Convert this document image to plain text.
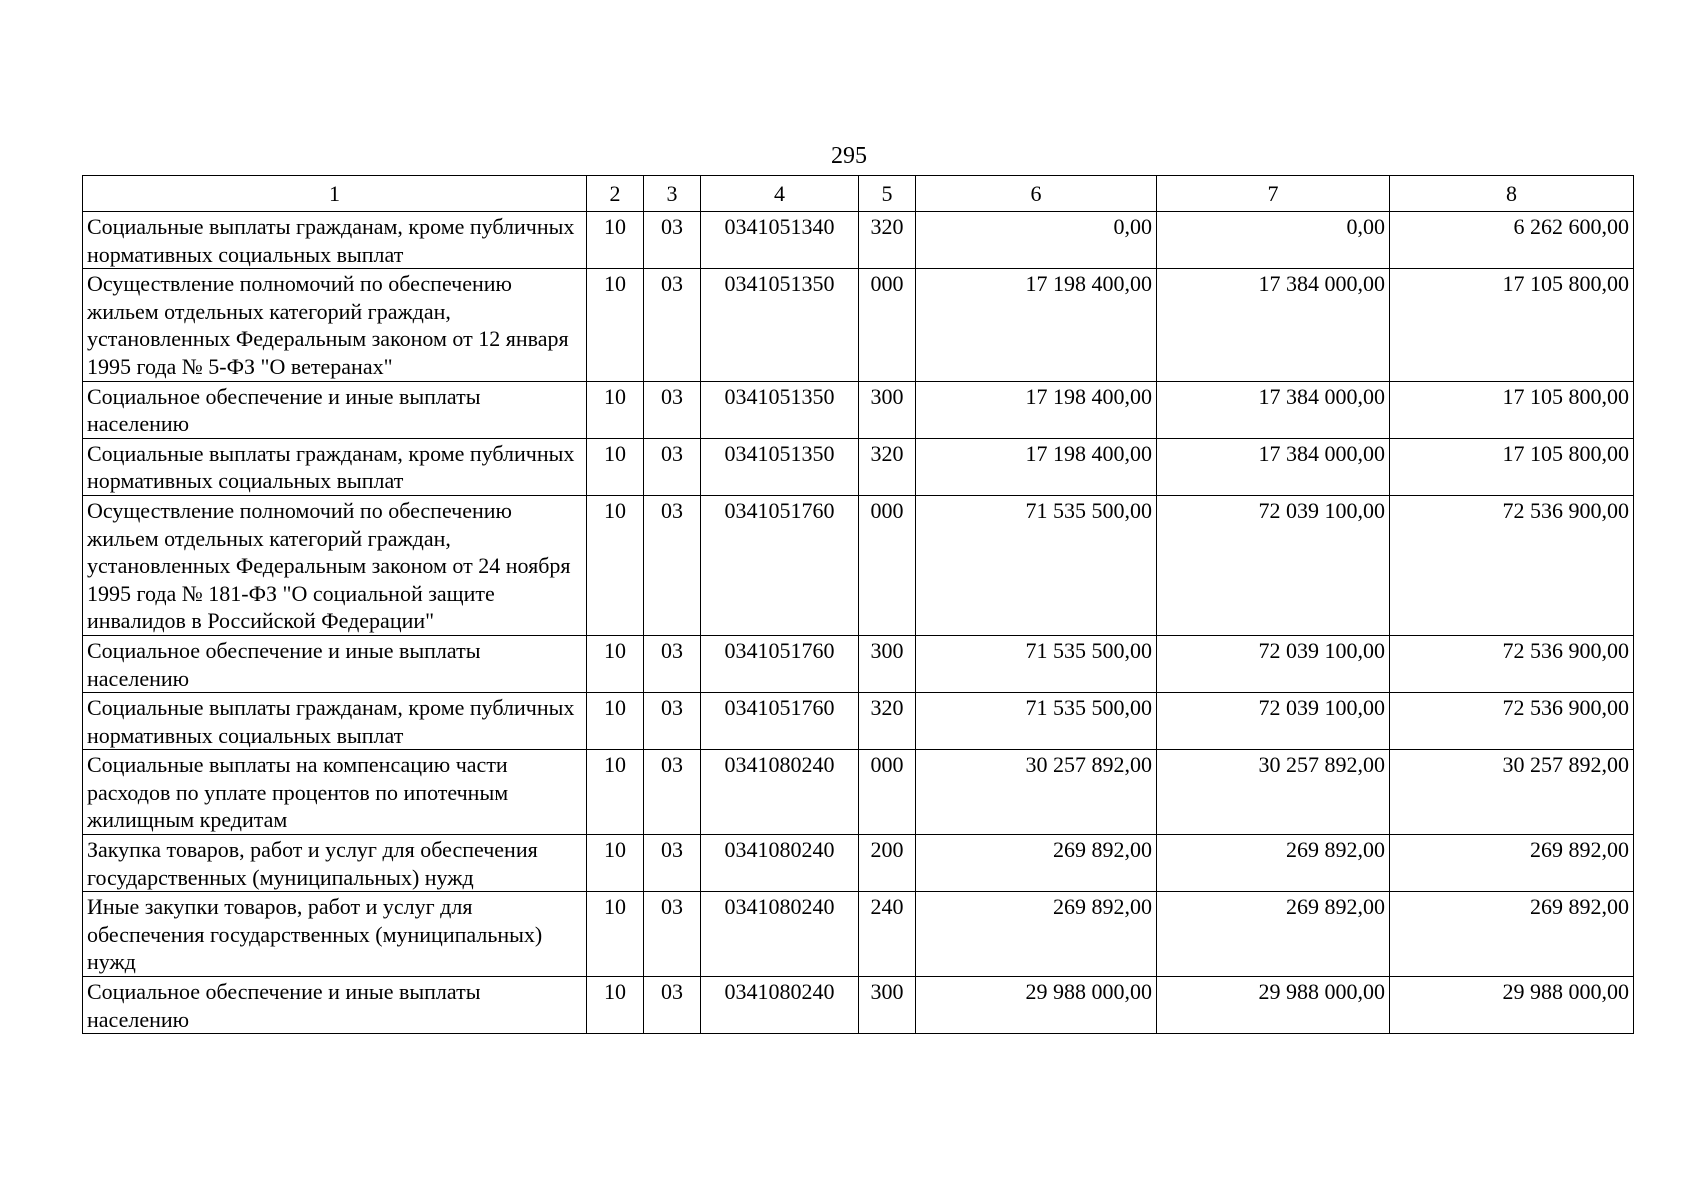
295
1	2	3	4	5	6	7	8
Социальные выплаты гражданам, кроме публичных нормативных социальных выплат	10	03	0341051340	320	0,00	0,00	6 262 600,00
Осуществление полномочий по обеспечению жильем отдельных категорий граждан, установленных Федеральным законом от 12 января 1995 года № 5-ФЗ "О ветеранах"	10	03	0341051350	000	17 198 400,00	17 384 000,00	17 105 800,00
Социальное обеспечение и иные выплаты населению	10	03	0341051350	300	17 198 400,00	17 384 000,00	17 105 800,00
Социальные выплаты гражданам, кроме публичных нормативных социальных выплат	10	03	0341051350	320	17 198 400,00	17 384 000,00	17 105 800,00
Осуществление полномочий по обеспечению жильем отдельных категорий граждан, установленных Федеральным законом от 24 ноября 1995 года № 181-ФЗ "О социальной защите инвалидов в Российской Федерации"	10	03	0341051760	000	71 535 500,00	72 039 100,00	72 536 900,00
Социальное обеспечение и иные выплаты населению	10	03	0341051760	300	71 535 500,00	72 039 100,00	72 536 900,00
Социальные выплаты гражданам, кроме публичных нормативных социальных выплат	10	03	0341051760	320	71 535 500,00	72 039 100,00	72 536 900,00
Социальные выплаты на компенсацию части расходов по уплате процентов по ипотечным жилищным кредитам	10	03	0341080240	000	30 257 892,00	30 257 892,00	30 257 892,00
Закупка товаров, работ и услуг для обеспечения государственных (муниципальных) нужд	10	03	0341080240	200	269 892,00	269 892,00	269 892,00
Иные закупки товаров, работ и услуг для обеспечения государственных (муниципальных) нужд	10	03	0341080240	240	269 892,00	269 892,00	269 892,00
Социальное обеспечение и иные выплаты населению	10	03	0341080240	300	29 988 000,00	29 988 000,00	29 988 000,00
